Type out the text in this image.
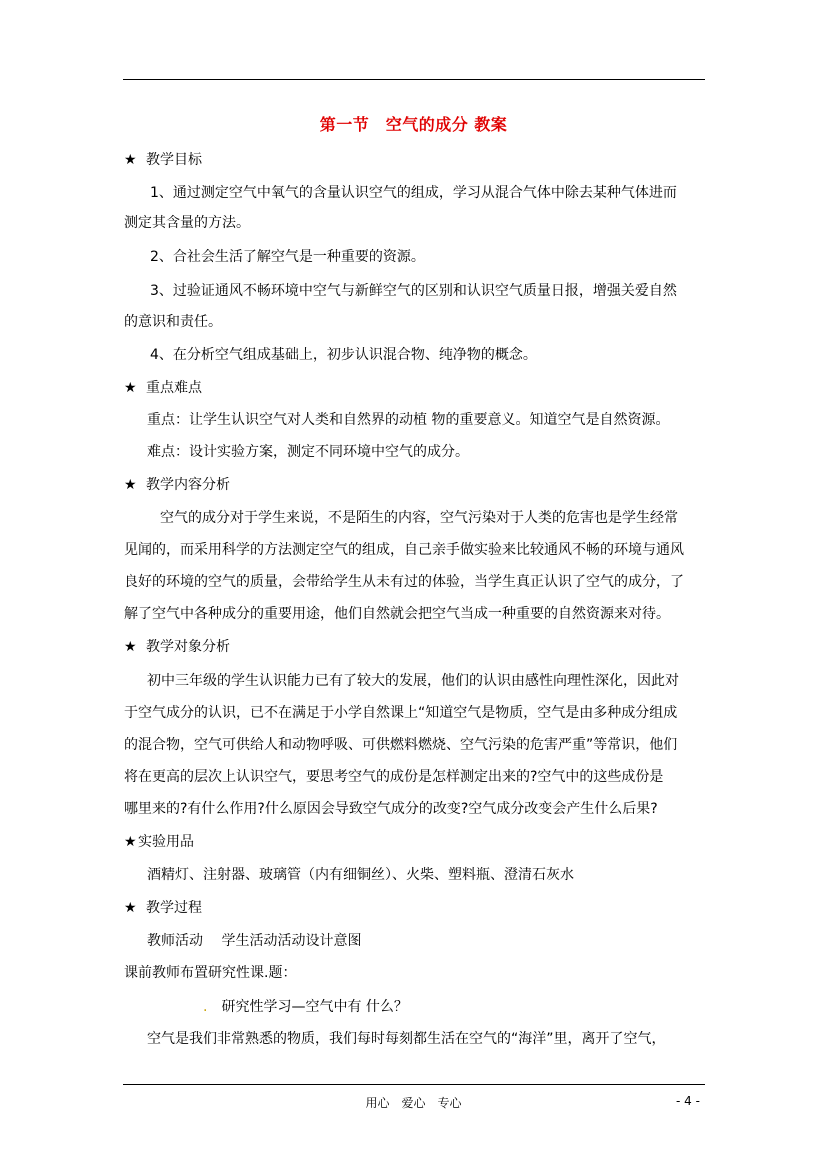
第一节　空气的成分 教案
★ 教学目标
1、通过测定空气中氧气的含量认识空气的组成，学习从混合气体中除去某种气体进而
测定其含量的方法。
2、合社会生活了解空气是一种重要的资源。
3、过验证通风不畅环境中空气与新鲜空气的区别和认识空气质量日报，增强关爱自然
的意识和责任。
4、在分析空气组成基础上，初步认识混合物、纯净物的概念。
★ 重点难点
重点：让学生认识空气对人类和自然界的动植 物的重要意义。知道空气是自然资源。
难点：设计实验方案，测定不同环境中空气的成分。
★ 教学内容分析
空气的成分对于学生来说，不是陌生的内容，空气污染对于人类的危害也是学生经常
见闻的，而采用科学的方法测定空气的组成，自己亲手做实验来比较通风不畅的环境与通风
良好的环境的空气的质量，会带给学生从未有过的体验，当学生真正认识了空气的成分，了
解了空气中各种成分的重要用途，他们自然就会把空气当成一种重要的自然资源来对待。
★ 教学对象分析
初中三年级的学生认识能力已有了较大的发展，他们的认识由感性向理性深化，因此对
于空气成分的认识，已不在满足于小学自然课上“知道空气是物质，空气是由多种成分组成
的混合物，空气可供给人和动物呼吸、可供燃料燃烧、空气污染的危害严重”等常识，他们
将在更高的层次上认识空气，要思考空气的成份是怎样测定出来的?空气中的这些成份是
哪里来的?有什么作用?什么原因会导致空气成分的改变?空气成分改变会产生什么后果?
★实验用品
酒精灯、注射器、玻璃管（内有细铜丝）、火柴、塑料瓶、澄清石灰水
★ 教学过程
教师活动　 学生活动活动设计意图
课前教师布置研究性课.题：
. 研究性学习—空气中有 什么？
空气是我们非常熟悉的物质，我们每时每刻都生活在空气的“海洋”里，离开了空气，
用心　爱心　专心	- 4 -
